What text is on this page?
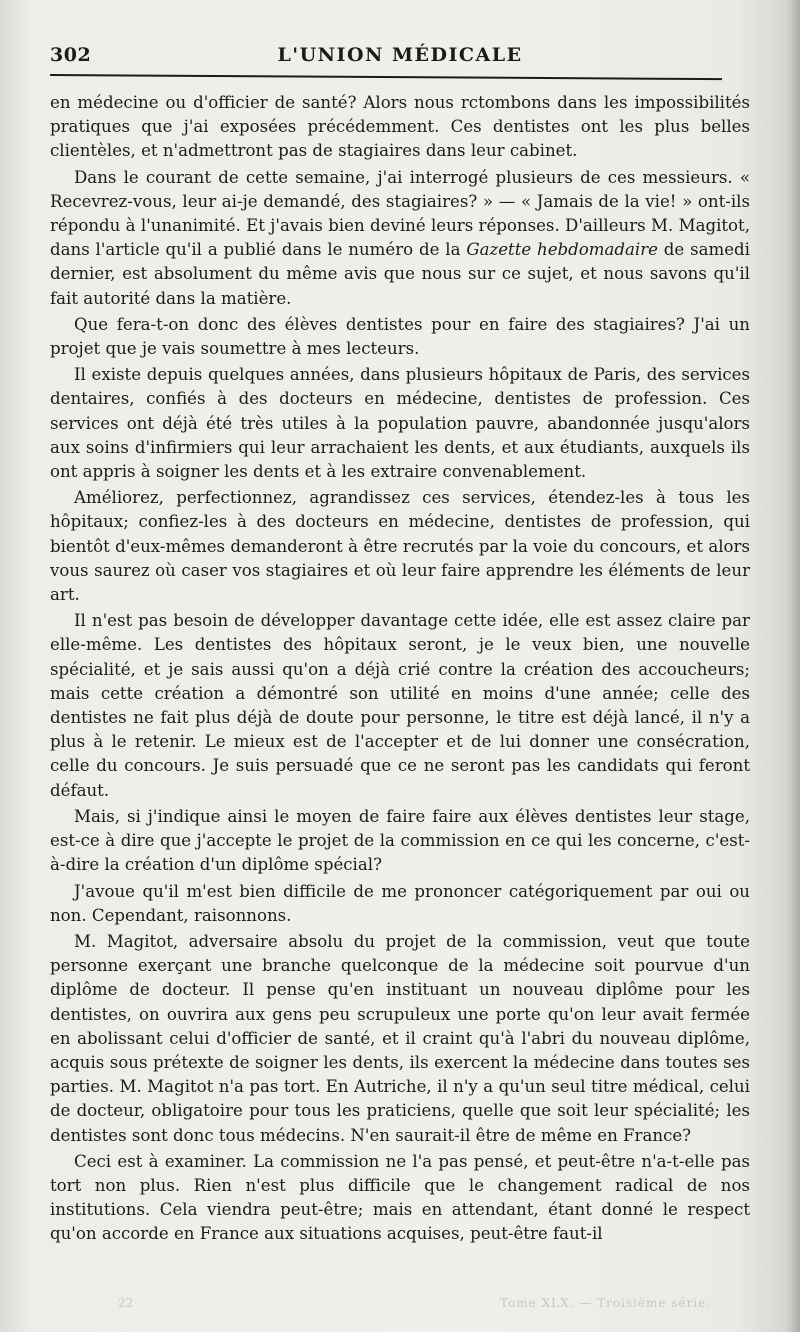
302	L'UNION MÉDICALE

en médecine ou d'officier de santé? Alors nous rctombons dans les impossibilités pratiques que j'ai exposées précédemment. Ces dentistes ont les plus belles clientèles, et n'admettront pas de stagiaires dans leur cabinet.

Dans le courant de cette semaine, j'ai interrogé plusieurs de ces messieurs. « Recevrez-vous, leur ai-je demandé, des stagiaires? » — « Jamais de la vie! » ont-ils répondu à l'unanimité. Et j'avais bien deviné leurs réponses. D'ailleurs M. Magitot, dans l'article qu'il a publié dans le numéro de la Gazette hebdomadaire de samedi dernier, est absolument du même avis que nous sur ce sujet, et nous savons qu'il fait autorité dans la matière.

Que fera-t-on donc des élèves dentistes pour en faire des stagiaires? J'ai un projet que je vais soumettre à mes lecteurs.

Il existe depuis quelques années, dans plusieurs hôpitaux de Paris, des services dentaires, confiés à des docteurs en médecine, dentistes de profession. Ces services ont déjà été très utiles à la population pauvre, abandonnée jusqu'alors aux soins d'infirmiers qui leur arrachaient les dents, et aux étudiants, auxquels ils ont appris à soigner les dents et à les extraire convenablement.

Améliorez, perfectionnez, agrandissez ces services, étendez-les à tous les hôpitaux; confiez-les à des docteurs en médecine, dentistes de profession, qui bientôt d'eux-mêmes demanderont à être recrutés par la voie du concours, et alors vous saurez où caser vos stagiaires et où leur faire apprendre les éléments de leur art.

Il n'est pas besoin de développer davantage cette idée, elle est assez claire par elle-même. Les dentistes des hôpitaux seront, je le veux bien, une nouvelle spécialité, et je sais aussi qu'on a déjà crié contre la création des accoucheurs; mais cette création a démontré son utilité en moins d'une année; celle des dentistes ne fait plus déjà de doute pour personne, le titre est déjà lancé, il n'y a plus à le retenir. Le mieux est de l'accepter et de lui donner une consécration, celle du concours. Je suis persuadé que ce ne seront pas les candidats qui feront défaut.

Mais, si j'indique ainsi le moyen de faire faire aux élèves dentistes leur stage, est-ce à dire que j'accepte le projet de la commission en ce qui les concerne, c'est-à-dire la création d'un diplôme spécial?

J'avoue qu'il m'est bien difficile de me prononcer catégoriquement par oui ou non. Cependant, raisonnons.

M. Magitot, adversaire absolu du projet de la commission, veut que toute personne exerçant une branche quelconque de la médecine soit pourvue d'un diplôme de docteur. Il pense qu'en instituant un nouveau diplôme pour les dentistes, on ouvrira aux gens peu scrupuleux une porte qu'on leur avait fermée en abolissant celui d'officier de santé, et il craint qu'à l'abri du nouveau diplôme, acquis sous prétexte de soigner les dents, ils exercent la médecine dans toutes ses parties. M. Magitot n'a pas tort. En Autriche, il n'y a qu'un seul titre médical, celui de docteur, obligatoire pour tous les praticiens, quelle que soit leur spécialité; les dentistes sont donc tous médecins. N'en saurait-il être de même en France?

Ceci est à examiner. La commission ne l'a pas pensé, et peut-être n'a-t-elle pas tort non plus. Rien n'est plus difficile que le changement radical de nos institutions. Cela viendra peut-être; mais en attendant, étant donné le respect qu'on accorde en France aux situations acquises, peut-être faut-il

22	Tome XLX. — Troisième série.
